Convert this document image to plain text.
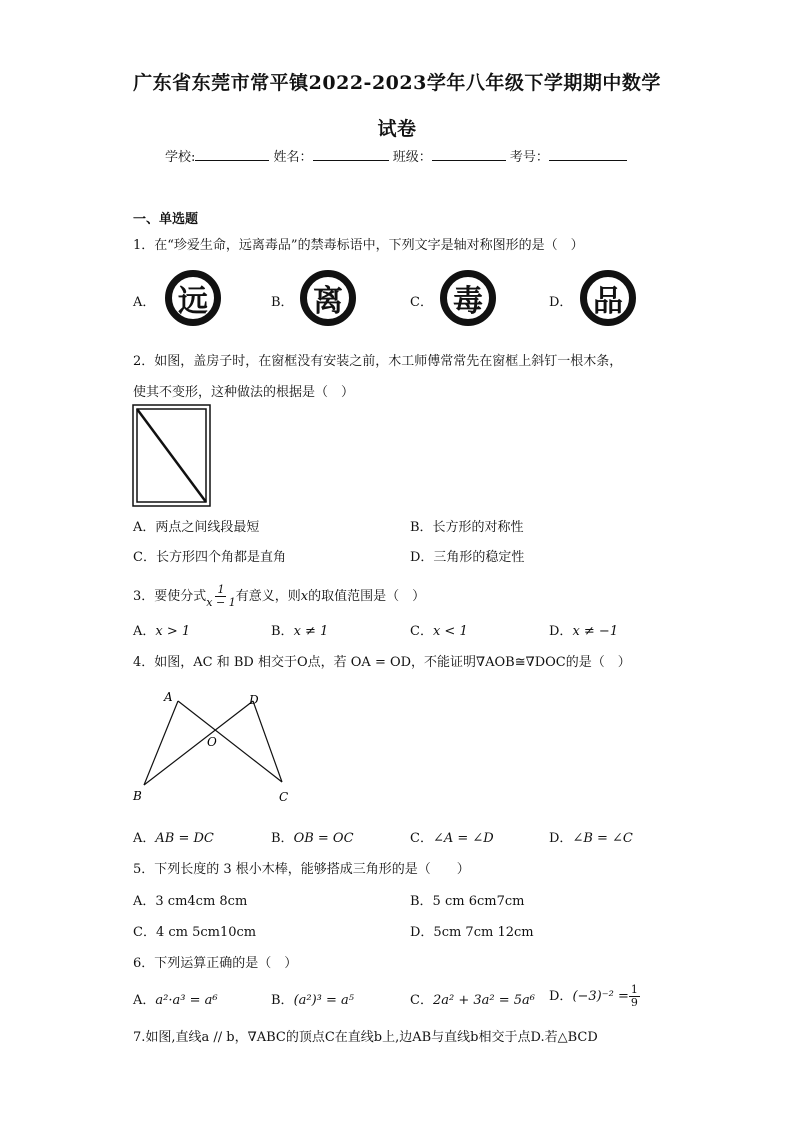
广东省东莞市常平镇2022-2023学年八年级下学期期中数学
试卷
学校:	姓名：	班级：	考号：
一、单选题
1．在“珍爱生命，远离毒品”的禁毒标语中，下列文字是轴对称图形的是（　）
A． 远	B． 离	C． 毒	D． 品
2．如图，盖房子时，在窗框没有安装之前，木工师傅常常先在窗框上斜钉一根木条，
使其不变形，这种做法的根据是（　）
A．两点之间线段最短	B．长方形的对称性
C．长方形四个角都是直角	D．三角形的稳定性
3．要使分式 $\frac{1}{x - 1}$ 有意义，则x的取值范围是（　）
A．x > 1	B．x ≠ 1	C．x < 1	D．x ≠ −1
4．如图，AC 和 BD 相交于O点，若 OA = OD，不能证明∇AOB≅∇DOC的是（　）
A	D
O
B	C
A．AB = DC	B．OB = OC	C．∠A = ∠D	D．∠B = ∠C
5．下列长度的 3 根小木棒，能够搭成三角形的是（　　）
A．3 cm4cm 8cm	B．5 cm 6cm7cm
C．4 cm 5cm10cm	D．5cm 7cm 12cm
6．下列运算正确的是（　）
A．a²·a³ = a⁶	B．(a²)³ = a⁵	C．2a² + 3a² = 5a⁶ D．$(-3)^{-2} = \frac{1}{9}$
7.如图,直线a // b，∇ABC的顶点C在直线b上,边AB与直线b相交于点D.若△BCD
